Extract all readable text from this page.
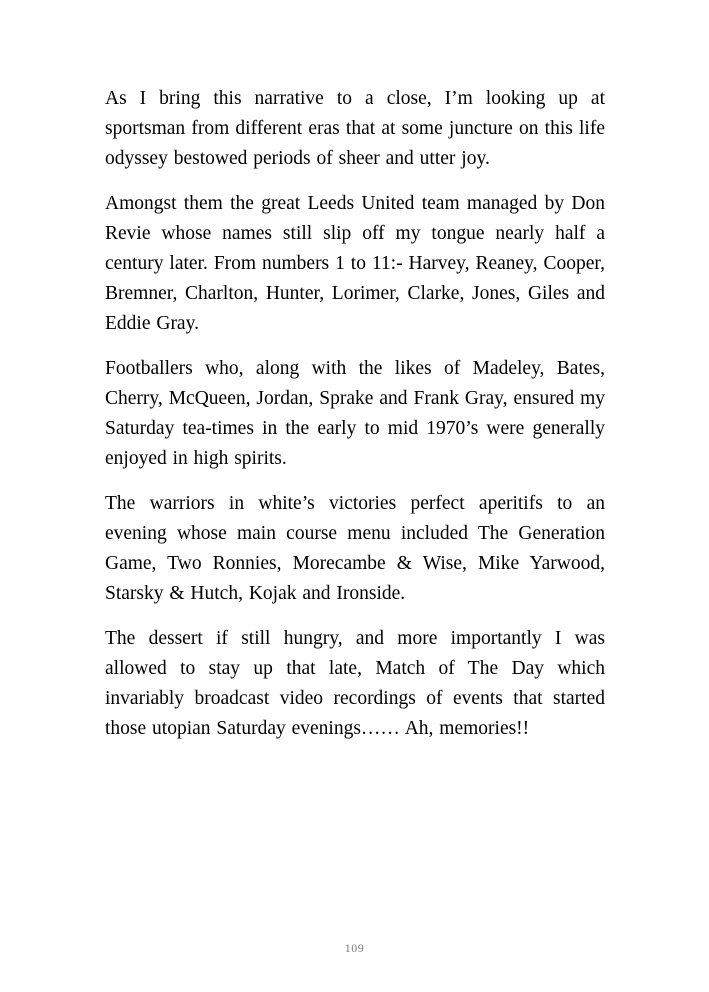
As I bring this narrative to a close, I’m looking up at sportsman from different eras that at some juncture on this life odyssey bestowed periods of sheer and utter joy.

Amongst them the great Leeds United team managed by Don Revie whose names still slip off my tongue nearly half a century later. From numbers 1 to 11:- Harvey, Reaney, Cooper, Bremner, Charlton, Hunter, Lorimer, Clarke, Jones, Giles and Eddie Gray.

Footballers who, along with the likes of Madeley, Bates, Cherry, McQueen, Jordan, Sprake and Frank Gray, ensured my Saturday tea-times in the early to mid 1970’s were generally enjoyed in high spirits.

The warriors in white’s victories perfect aperitifs to an evening whose main course menu included The Generation Game, Two Ronnies, Morecambe & Wise, Mike Yarwood, Starsky & Hutch, Kojak and Ironside.

The dessert if still hungry, and more importantly I was allowed to stay up that late, Match of The Day which invariably broadcast video recordings of events that started those utopian Saturday evenings…… Ah, memories!!

109
